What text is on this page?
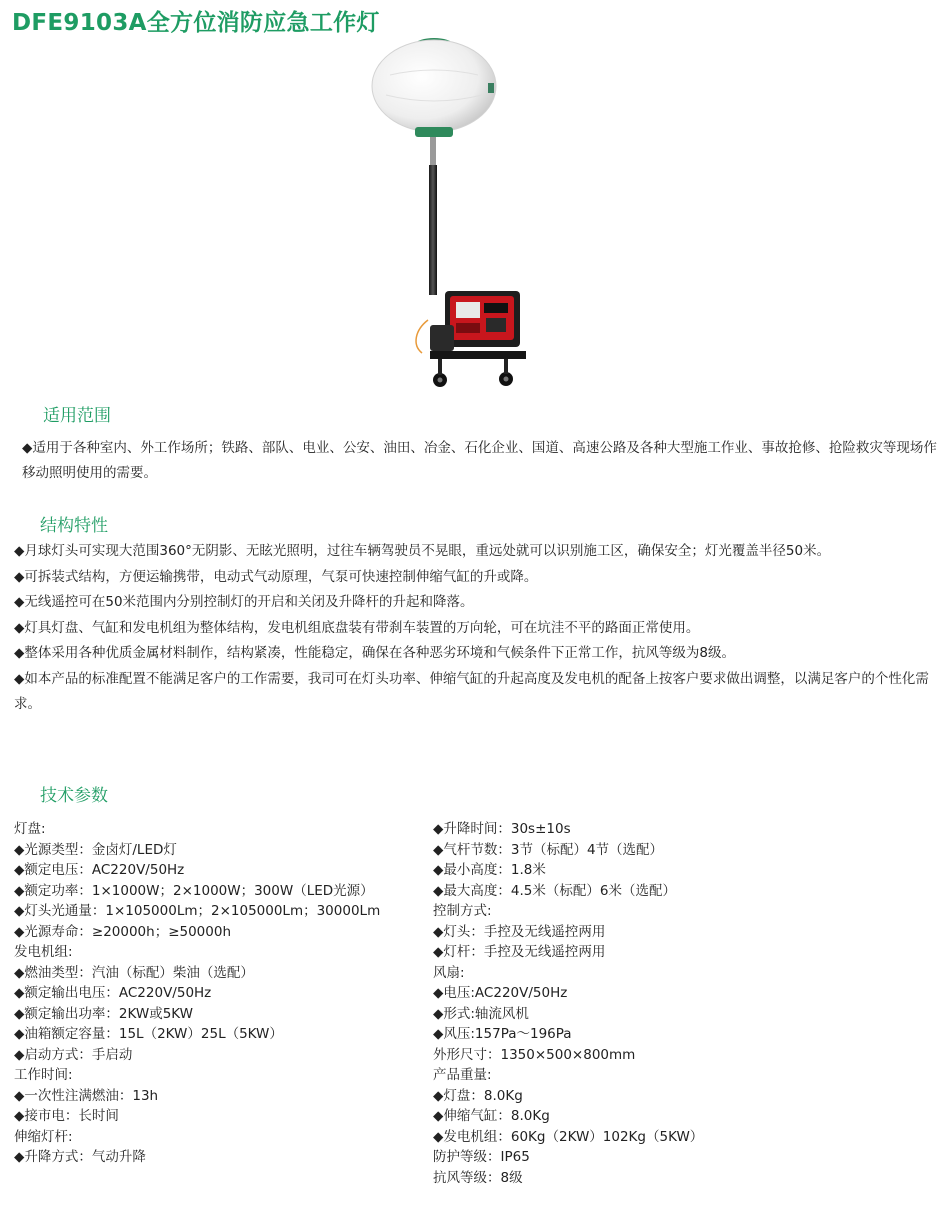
DFE9103A全方位消防应急工作灯
适用范围

◆适用于各种室内、外工作场所；铁路、部队、电业、公安、油田、冶金、石化企业、国道、高速公路及各种大型施工作业、事故抢修、抢险救灾等现场作移动照明使用的需要。

结构特性
◆月球灯头可实现大范围360°无阴影、无眩光照明，过往车辆驾驶员不晃眼，重远处就可以识别施工区，确保安全；灯光覆盖半径50米。
◆可拆装式结构，方便运输携带，电动式气动原理，气泵可快速控制伸缩气缸的升或降。
◆无线遥控可在50米范围内分别控制灯的开启和关闭及升降杆的升起和降落。
◆灯具灯盘、气缸和发电机组为整体结构，发电机组底盘装有带刹车装置的万向轮，可在坑洼不平的路面正常使用。
◆整体采用各种优质金属材料制作，结构紧凑，性能稳定，确保在各种恶劣环境和气候条件下正常工作，抗风等级为8级。
◆如本产品的标准配置不能满足客户的工作需要，我司可在灯头功率、伸缩气缸的升起高度及发电机的配备上按客户要求做出调整，以满足客户的个性化需求。
技术参数
灯盘:
◆光源类型：金卤灯/LED灯
◆额定电压：AC220V/50Hz
◆额定功率：1×1000W；2×1000W；300W（LED光源）
◆灯头光通量：1×105000Lm；2×105000Lm；30000Lm
◆光源寿命：≥20000h；≥50000h
发电机组:
◆燃油类型：汽油（标配）柴油（选配）
◆额定输出电压：AC220V/50Hz
◆额定输出功率：2KW或5KW
◆油箱额定容量：15L（2KW）25L（5KW）
◆启动方式：手启动
工作时间:
◆一次性注满燃油：13h
◆接市电：长时间
伸缩灯杆:
◆升降方式：气动升降
◆升降时间：30s±10s
◆气杆节数：3节（标配）4节（选配）
◆最小高度：1.8米
◆最大高度：4.5米（标配）6米（选配）
控制方式:
◆灯头：手控及无线遥控两用
◆灯杆：手控及无线遥控两用
风扇:
◆电压:AC220V/50Hz
◆形式:轴流风机
◆风压:157Pa～196Pa
外形尺寸：1350×500×800mm
产品重量:
◆灯盘：8.0Kg
◆伸缩气缸：8.0Kg
◆发电机组：60Kg（2KW）102Kg（5KW）
防护等级：IP65
抗风等级：8级
